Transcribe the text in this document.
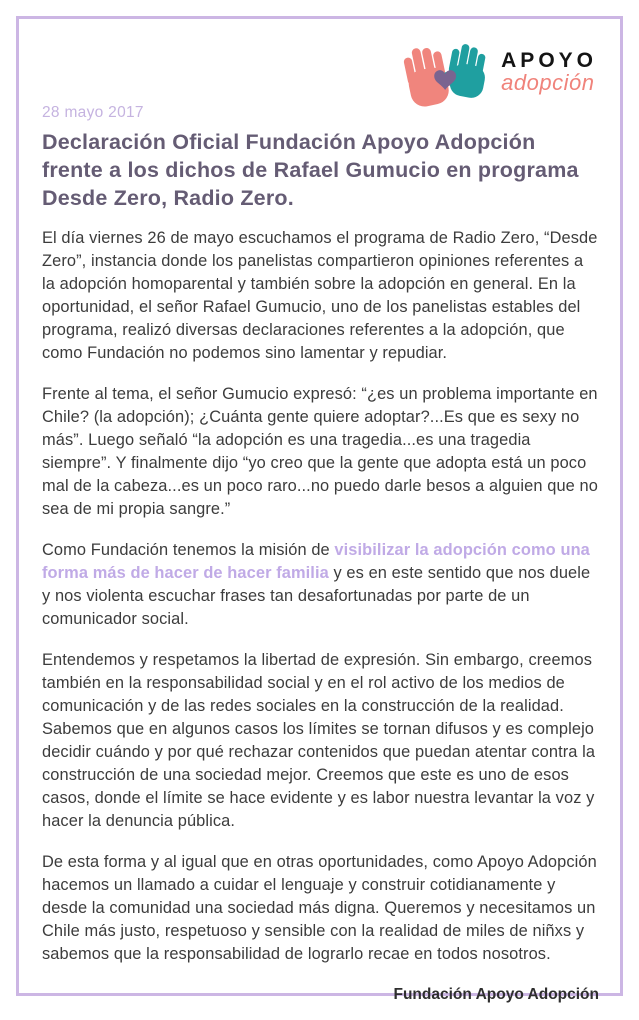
APOYO
adopción

28 mayo 2017

Declaración Oficial Fundación Apoyo Adopción frente a los dichos de Rafael Gumucio en programa Desde Zero, Radio Zero.

El día viernes 26 de mayo escuchamos el programa de Radio Zero, “Desde Zero”, instancia donde los panelistas compartieron opiniones referentes a la adopción homoparental y también sobre la adopción en general. En la oportunidad, el señor Rafael Gumucio, uno de los panelistas estables del programa, realizó diversas declaraciones referentes a la adopción, que como Fundación no podemos sino lamentar y repudiar.

Frente al tema, el señor Gumucio expresó: “¿es un problema importante en Chile? (la adopción); ¿Cuánta gente quiere adoptar?...Es que es sexy no más”. Luego señaló “la adopción es una tragedia...es una tragedia siempre”. Y finalmente dijo “yo creo que la gente que adopta está un poco mal de la cabeza...es un poco raro...no puedo darle besos a alguien que no sea de mi propia sangre.”

Como Fundación tenemos la misión de visibilizar la adopción como una forma más de hacer de hacer familia y es en este sentido que nos duele y nos violenta escuchar frases tan desafortunadas por parte de un comunicador social.

Entendemos y respetamos la libertad de expresión. Sin embargo, creemos también en la responsabilidad social y en el rol activo de los medios de comunicación y de las redes sociales en la construcción de la realidad. Sabemos que en algunos casos los límites se tornan difusos y es complejo decidir cuándo y por qué rechazar contenidos que puedan atentar contra la construcción de una sociedad mejor. Creemos que este es uno de esos casos, donde el límite se hace evidente y es labor nuestra levantar la voz y hacer la denuncia pública.

De esta forma y al igual que en otras oportunidades, como Apoyo Adopción hacemos un llamado a cuidar el lenguaje y construir cotidianamente y desde la comunidad una sociedad más digna. Queremos y necesitamos un Chile más justo, respetuoso y sensible con la realidad de miles de niñxs y sabemos que la responsabilidad de lograrlo recae en todos nosotros.

Fundación Apoyo Adopción
